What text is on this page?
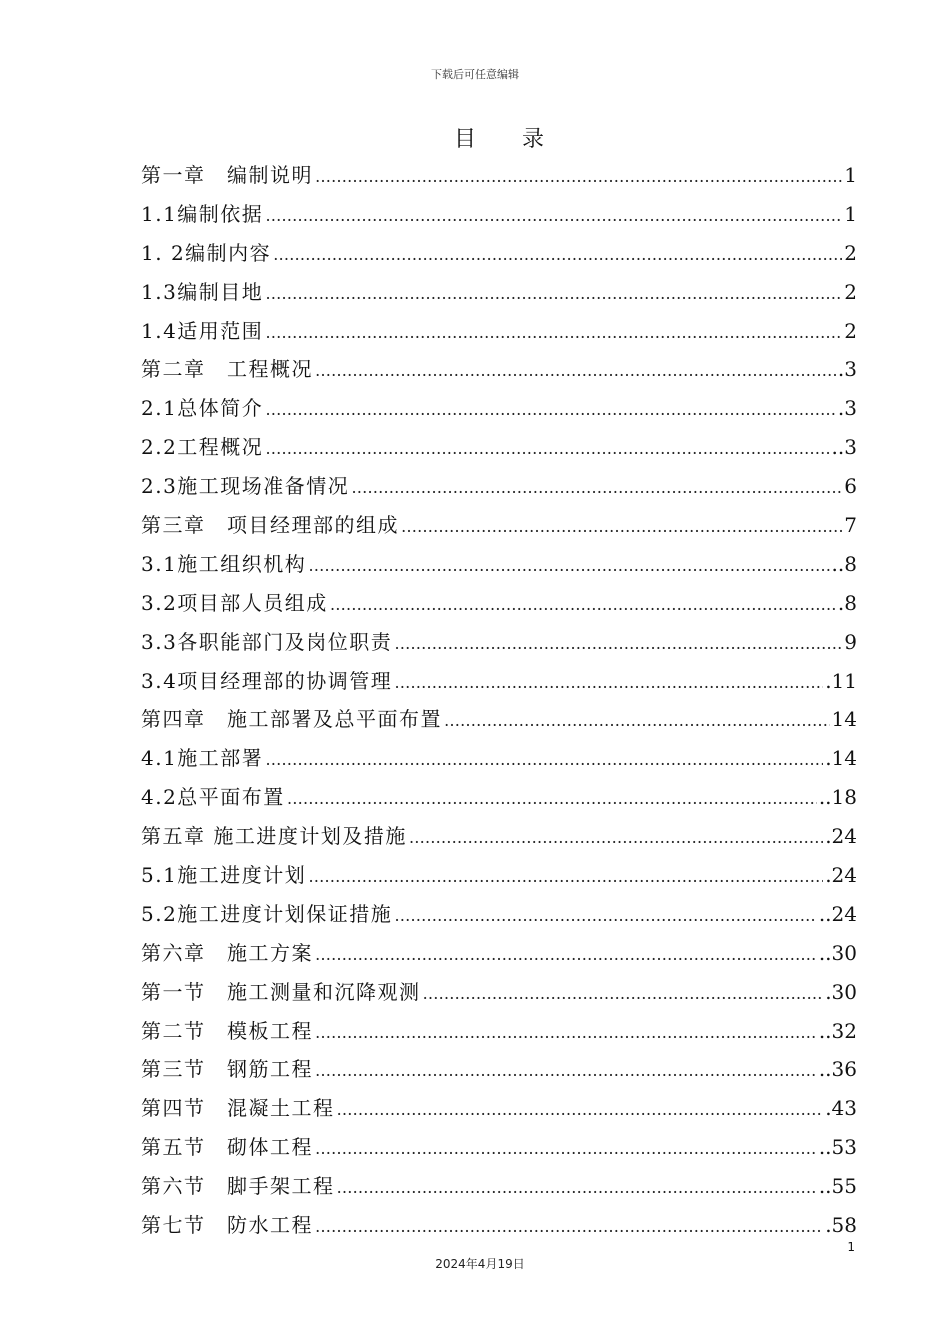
下载后可任意编辑
目 录
第一章　编制说明 ……………………………………………………………………………………………………………………………………………………………………………………………………………………	1
1.1编制依据 ……………………………………………………………………………………………………………………………………………………………………………………………………………………	1
1. 2编制内容 ……………………………………………………………………………………………………………………………………………………………………………………………………………………	2
1.3编制目地 ……………………………………………………………………………………………………………………………………………………………………………………………………………………	2
1.4适用范围 ……………………………………………………………………………………………………………………………………………………………………………………………………………………	2
第二章　工程概况 ……………………………………………………………………………………………………………………………………………………………………………………………………………………	.3
2.1总体简介 ……………………………………………………………………………………………………………………………………………………………………………………………………………………	.3
2.2工程概况 ……………………………………………………………………………………………………………………………………………………………………………………………………………………	..3
2.3施工现场准备情况 ……………………………………………………………………………………………………………………………………………………………………………………………………………………	6
第三章　项目经理部的组成 ……………………………………………………………………………………………………………………………………………………………………………………………………………………	7
3.1施工组织机构 ……………………………………………………………………………………………………………………………………………………………………………………………………………………	..8
3.2项目部人员组成 ……………………………………………………………………………………………………………………………………………………………………………………………………………………	.8
3.3各职能部门及岗位职责 ……………………………………………………………………………………………………………………………………………………………………………………………………………………	9
3.4项目经理部的协调管理 ……………………………………………………………………………………………………………………………………………………………………………………………………………………	.11
第四章　施工部署及总平面布置 ……………………………………………………………………………………………………………………………………………………………………………………………………………………	14
4.1施工部署 ……………………………………………………………………………………………………………………………………………………………………………………………………………………	.14
4.2总平面布置 ……………………………………………………………………………………………………………………………………………………………………………………………………………………	..18
第五章 施工进度计划及措施 ……………………………………………………………………………………………………………………………………………………………………………………………………………………	.24
5.1施工进度计划 ……………………………………………………………………………………………………………………………………………………………………………………………………………………	.24
5.2施工进度计划保证措施 ……………………………………………………………………………………………………………………………………………………………………………………………………………………	..24
第六章　施工方案 ……………………………………………………………………………………………………………………………………………………………………………………………………………………	..30
第一节　施工测量和沉降观测 ……………………………………………………………………………………………………………………………………………………………………………………………………………………	.30
第二节　模板工程 ……………………………………………………………………………………………………………………………………………………………………………………………………………………	..32
第三节　钢筋工程 ……………………………………………………………………………………………………………………………………………………………………………………………………………………	..36
第四节　混凝土工程 ……………………………………………………………………………………………………………………………………………………………………………………………………………………	.43
第五节　砌体工程 ……………………………………………………………………………………………………………………………………………………………………………………………………………………	..53
第六节　脚手架工程 ……………………………………………………………………………………………………………………………………………………………………………………………………………………	..55
第七节　防水工程 ……………………………………………………………………………………………………………………………………………………………………………………………………………………	.58
1
2024年4月19日
